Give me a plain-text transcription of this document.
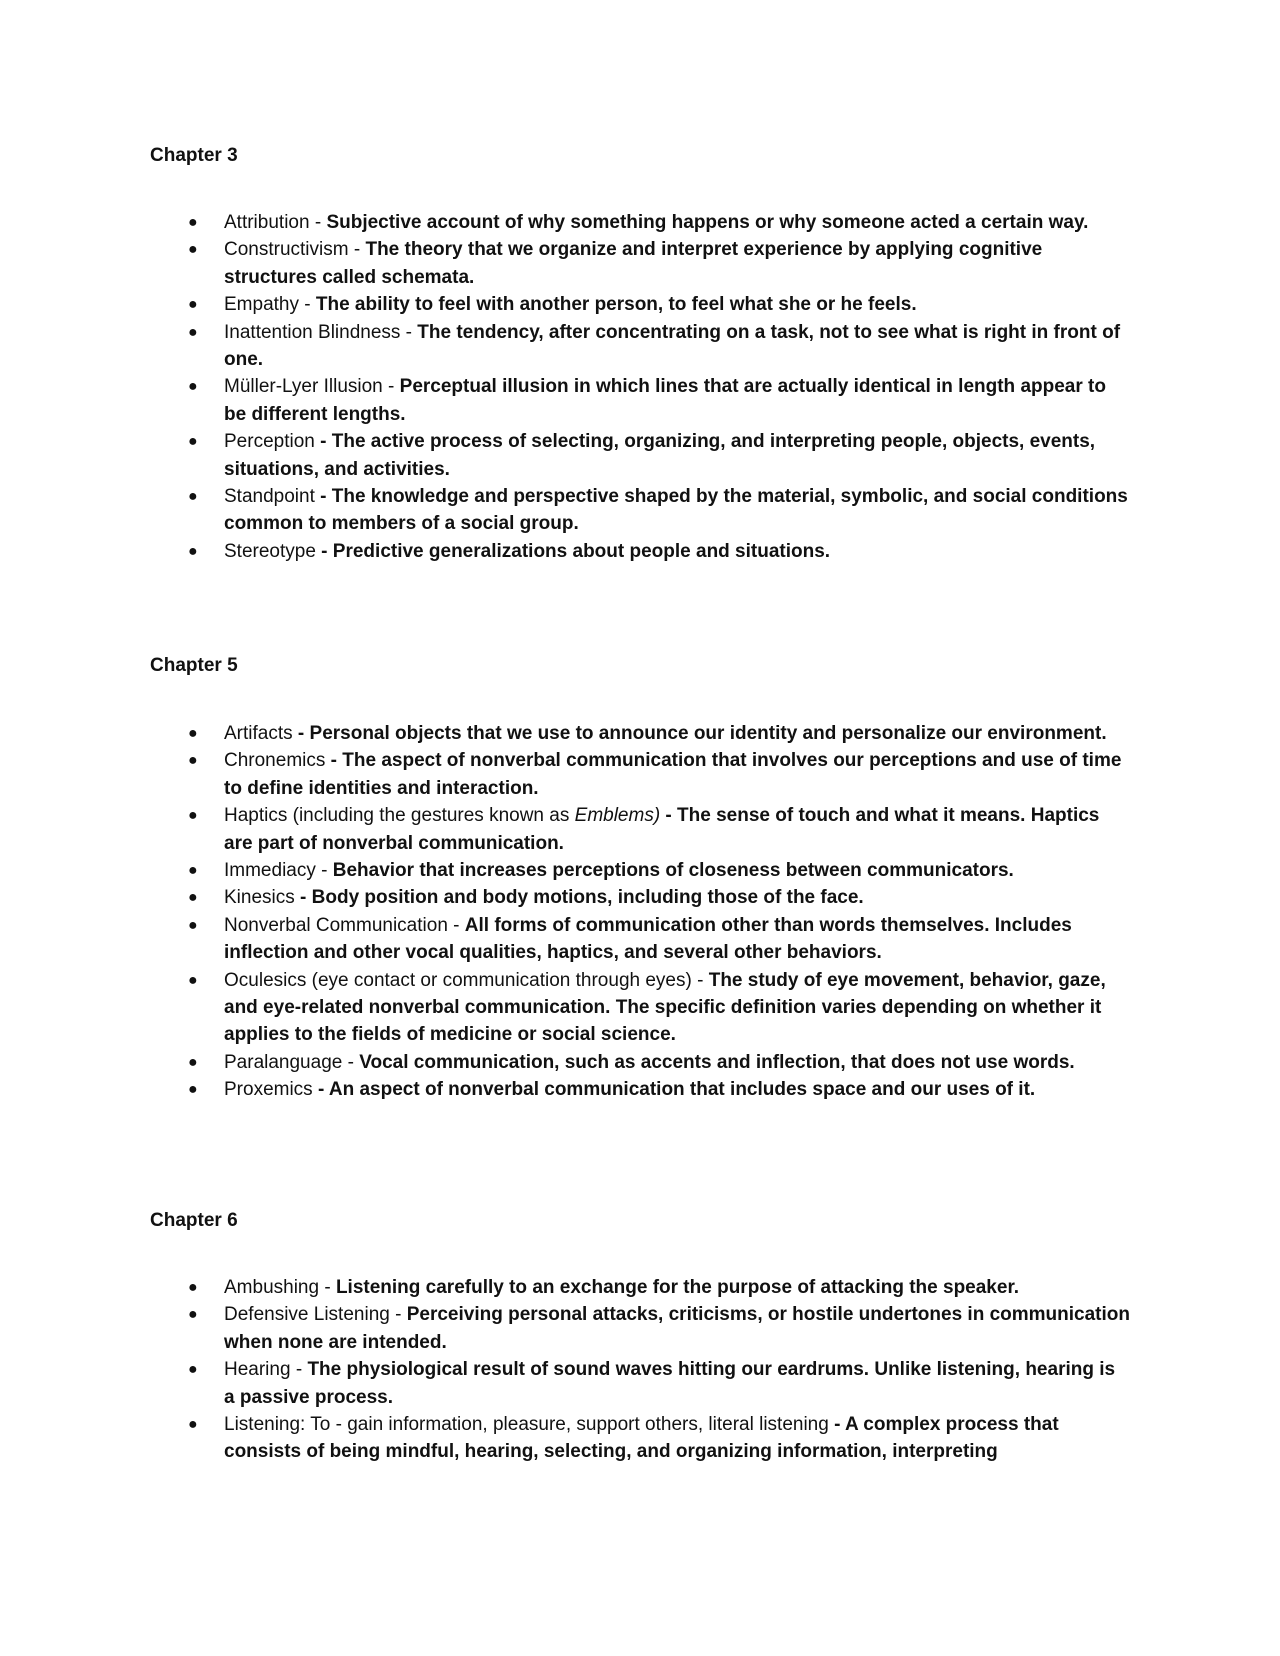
Chapter 3
● Attribution - Subjective account of why something happens or why someone acted a certain way.
● Constructivism - The theory that we organize and interpret experience by applying cognitive structures called schemata.
● Empathy - The ability to feel with another person, to feel what she or he feels.
● Inattention Blindness - The tendency, after concentrating on a task, not to see what is right in front of one.
● Müller-Lyer Illusion - Perceptual illusion in which lines that are actually identical in length appear to be different lengths.
● Perception - The active process of selecting, organizing, and interpreting people, objects, events, situations, and activities.
● Standpoint - The knowledge and perspective shaped by the material, symbolic, and social conditions common to members of a social group.
● Stereotype - Predictive generalizations about people and situations.
Chapter 5
● Artifacts - Personal objects that we use to announce our identity and personalize our environment.
● Chronemics - The aspect of nonverbal communication that involves our perceptions and use of time to define identities and interaction.
● Haptics (including the gestures known as Emblems) - The sense of touch and what it means. Haptics are part of nonverbal communication.
● Immediacy - Behavior that increases perceptions of closeness between communicators.
● Kinesics - Body position and body motions, including those of the face.
● Nonverbal Communication - All forms of communication other than words themselves. Includes inflection and other vocal qualities, haptics, and several other behaviors.
● Oculesics (eye contact or communication through eyes) - The study of eye movement, behavior, gaze, and eye-related nonverbal communication. The specific definition varies depending on whether it applies to the fields of medicine or social science.
● Paralanguage - Vocal communication, such as accents and inflection, that does not use words.
● Proxemics - An aspect of nonverbal communication that includes space and our uses of it.
Chapter 6
● Ambushing - Listening carefully to an exchange for the purpose of attacking the speaker.
● Defensive Listening - Perceiving personal attacks, criticisms, or hostile undertones in communication when none are intended.
● Hearing - The physiological result of sound waves hitting our eardrums. Unlike listening, hearing is a passive process.
● Listening: To - gain information, pleasure, support others, literal listening - A complex process that consists of being mindful, hearing, selecting, and organizing information, interpreting
